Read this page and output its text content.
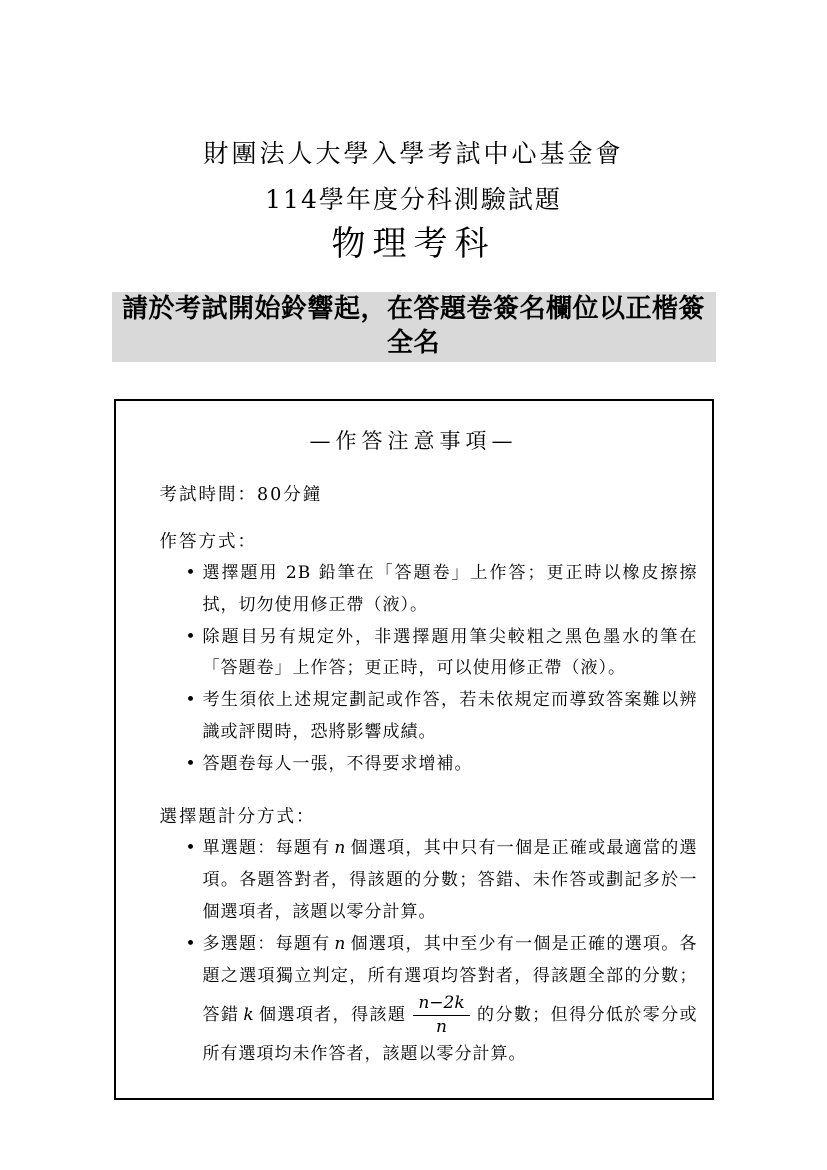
財團法人大學入學考試中心基金會
114學年度分科測驗試題
物理考科
請於考試開始鈴響起，在答題卷簽名欄位以正楷簽全名
—作答注意事項—
考試時間：80分鐘
作答方式：
• 選擇題用 2B 鉛筆在「答題卷」上作答；更正時以橡皮擦擦拭，切勿使用修正帶（液）。
• 除題目另有規定外，非選擇題用筆尖較粗之黑色墨水的筆在「答題卷」上作答；更正時，可以使用修正帶（液）。
• 考生須依上述規定劃記或作答，若未依規定而導致答案難以辨識或評閱時，恐將影響成績。
• 答題卷每人一張，不得要求增補。
選擇題計分方式：
• 單選題：每題有 n 個選項，其中只有一個是正確或最適當的選項。各題答對者，得該題的分數；答錯、未作答或劃記多於一個選項者，該題以零分計算。
• 多選題：每題有 n 個選項，其中至少有一個是正確的選項。各題之選項獨立判定，所有選項均答對者，得該題全部的分數；答錯 k 個選項者，得該題 $\frac{n-2k}{n}$ 的分數；但得分低於零分或所有選項均未作答者，該題以零分計算。
